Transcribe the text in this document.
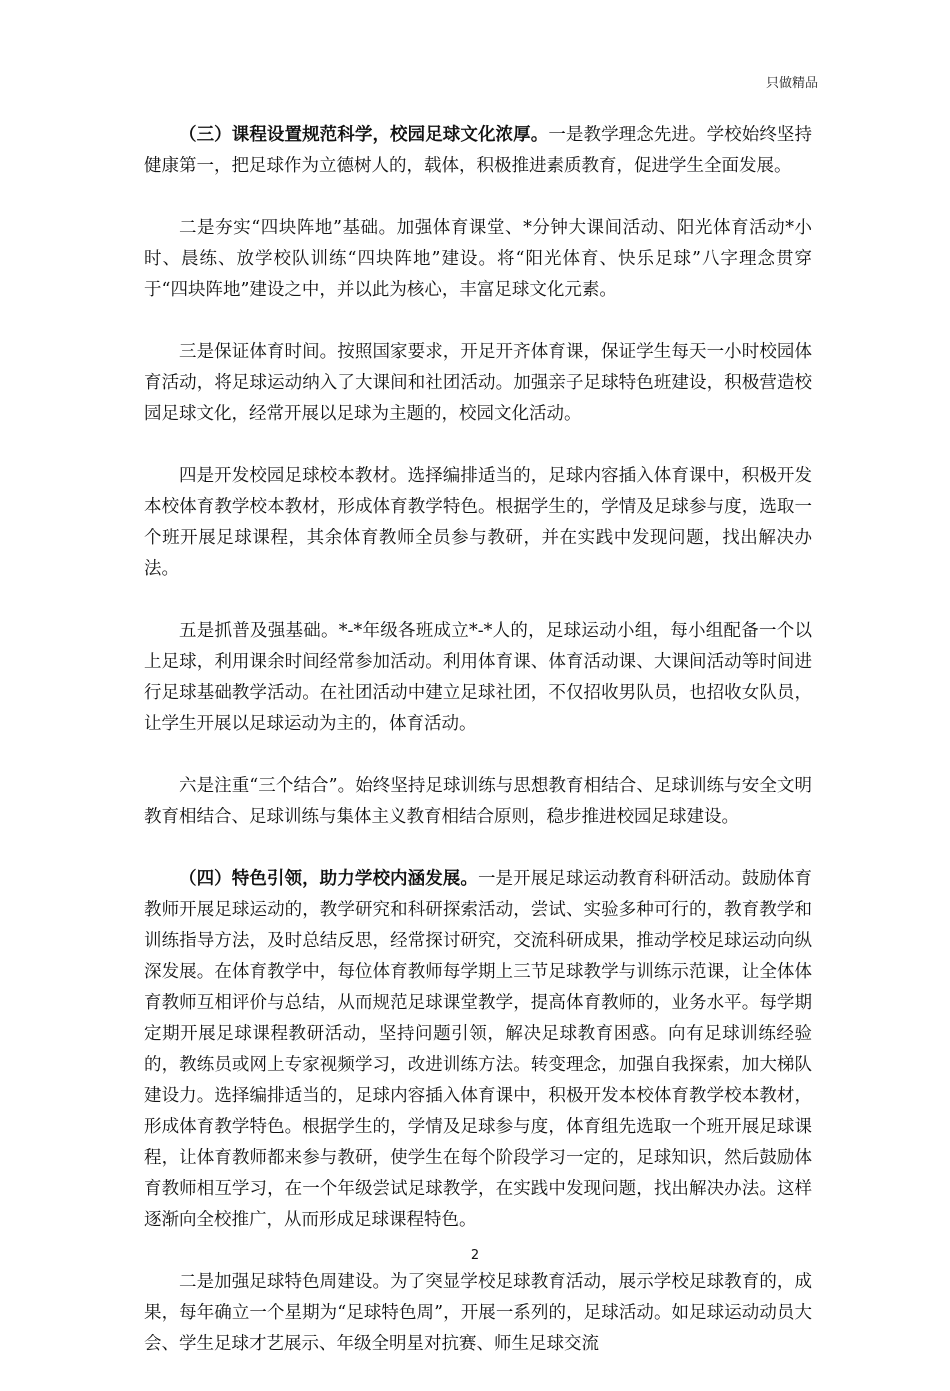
只做精品

（三）课程设置规范科学，校园足球文化浓厚。一是教学理念先进。学校始终坚持健康第一，把足球作为立德树人的，载体，积极推进素质教育，促进学生全面发展。

二是夯实“四块阵地”基础。加强体育课堂、*分钟大课间活动、阳光体育活动*小时、晨练、放学校队训练“四块阵地”建设。将“阳光体育、快乐足球”八字理念贯穿于“四块阵地”建设之中，并以此为核心，丰富足球文化元素。

三是保证体育时间。按照国家要求，开足开齐体育课，保证学生每天一小时校园体育活动，将足球运动纳入了大课间和社团活动。加强亲子足球特色班建设，积极营造校园足球文化，经常开展以足球为主题的，校园文化活动。

四是开发校园足球校本教材。选择编排适当的，足球内容插入体育课中，积极开发本校体育教学校本教材，形成体育教学特色。根据学生的，学情及足球参与度，选取一个班开展足球课程，其余体育教师全员参与教研，并在实践中发现问题，找出解决办法。

五是抓普及强基础。*-*年级各班成立*-*人的，足球运动小组，每小组配备一个以上足球，利用课余时间经常参加活动。利用体育课、体育活动课、大课间活动等时间进行足球基础教学活动。在社团活动中建立足球社团，不仅招收男队员，也招收女队员，让学生开展以足球运动为主的，体育活动。

六是注重“三个结合”。始终坚持足球训练与思想教育相结合、足球训练与安全文明教育相结合、足球训练与集体主义教育相结合原则，稳步推进校园足球建设。

（四）特色引领，助力学校内涵发展。一是开展足球运动教育科研活动。鼓励体育教师开展足球运动的，教学研究和科研探索活动，尝试、实验多种可行的，教育教学和训练指导方法，及时总结反思，经常探讨研究，交流科研成果，推动学校足球运动向纵深发展。在体育教学中，每位体育教师每学期上三节足球教学与训练示范课，让全体体育教师互相评价与总结，从而规范足球课堂教学，提高体育教师的，业务水平。每学期定期开展足球课程教研活动，坚持问题引领，解决足球教育困惑。向有足球训练经验的，教练员或网上专家视频学习，改进训练方法。转变理念，加强自我探索，加大梯队建设力。选择编排适当的，足球内容插入体育课中，积极开发本校体育教学校本教材，形成体育教学特色。根据学生的，学情及足球参与度，体育组先选取一个班开展足球课程，让体育教师都来参与教研，使学生在每个阶段学习一定的，足球知识，然后鼓励体育教师相互学习，在一个年级尝试足球教学，在实践中发现问题，找出解决办法。这样逐渐向全校推广，从而形成足球课程特色。

二是加强足球特色周建设。为了突显学校足球教育活动，展示学校足球教育的，成果，每年确立一个星期为“足球特色周”，开展一系列的，足球活动。如足球运动动员大会、学生足球才艺展示、年级全明星对抗赛、师生足球交流

2
